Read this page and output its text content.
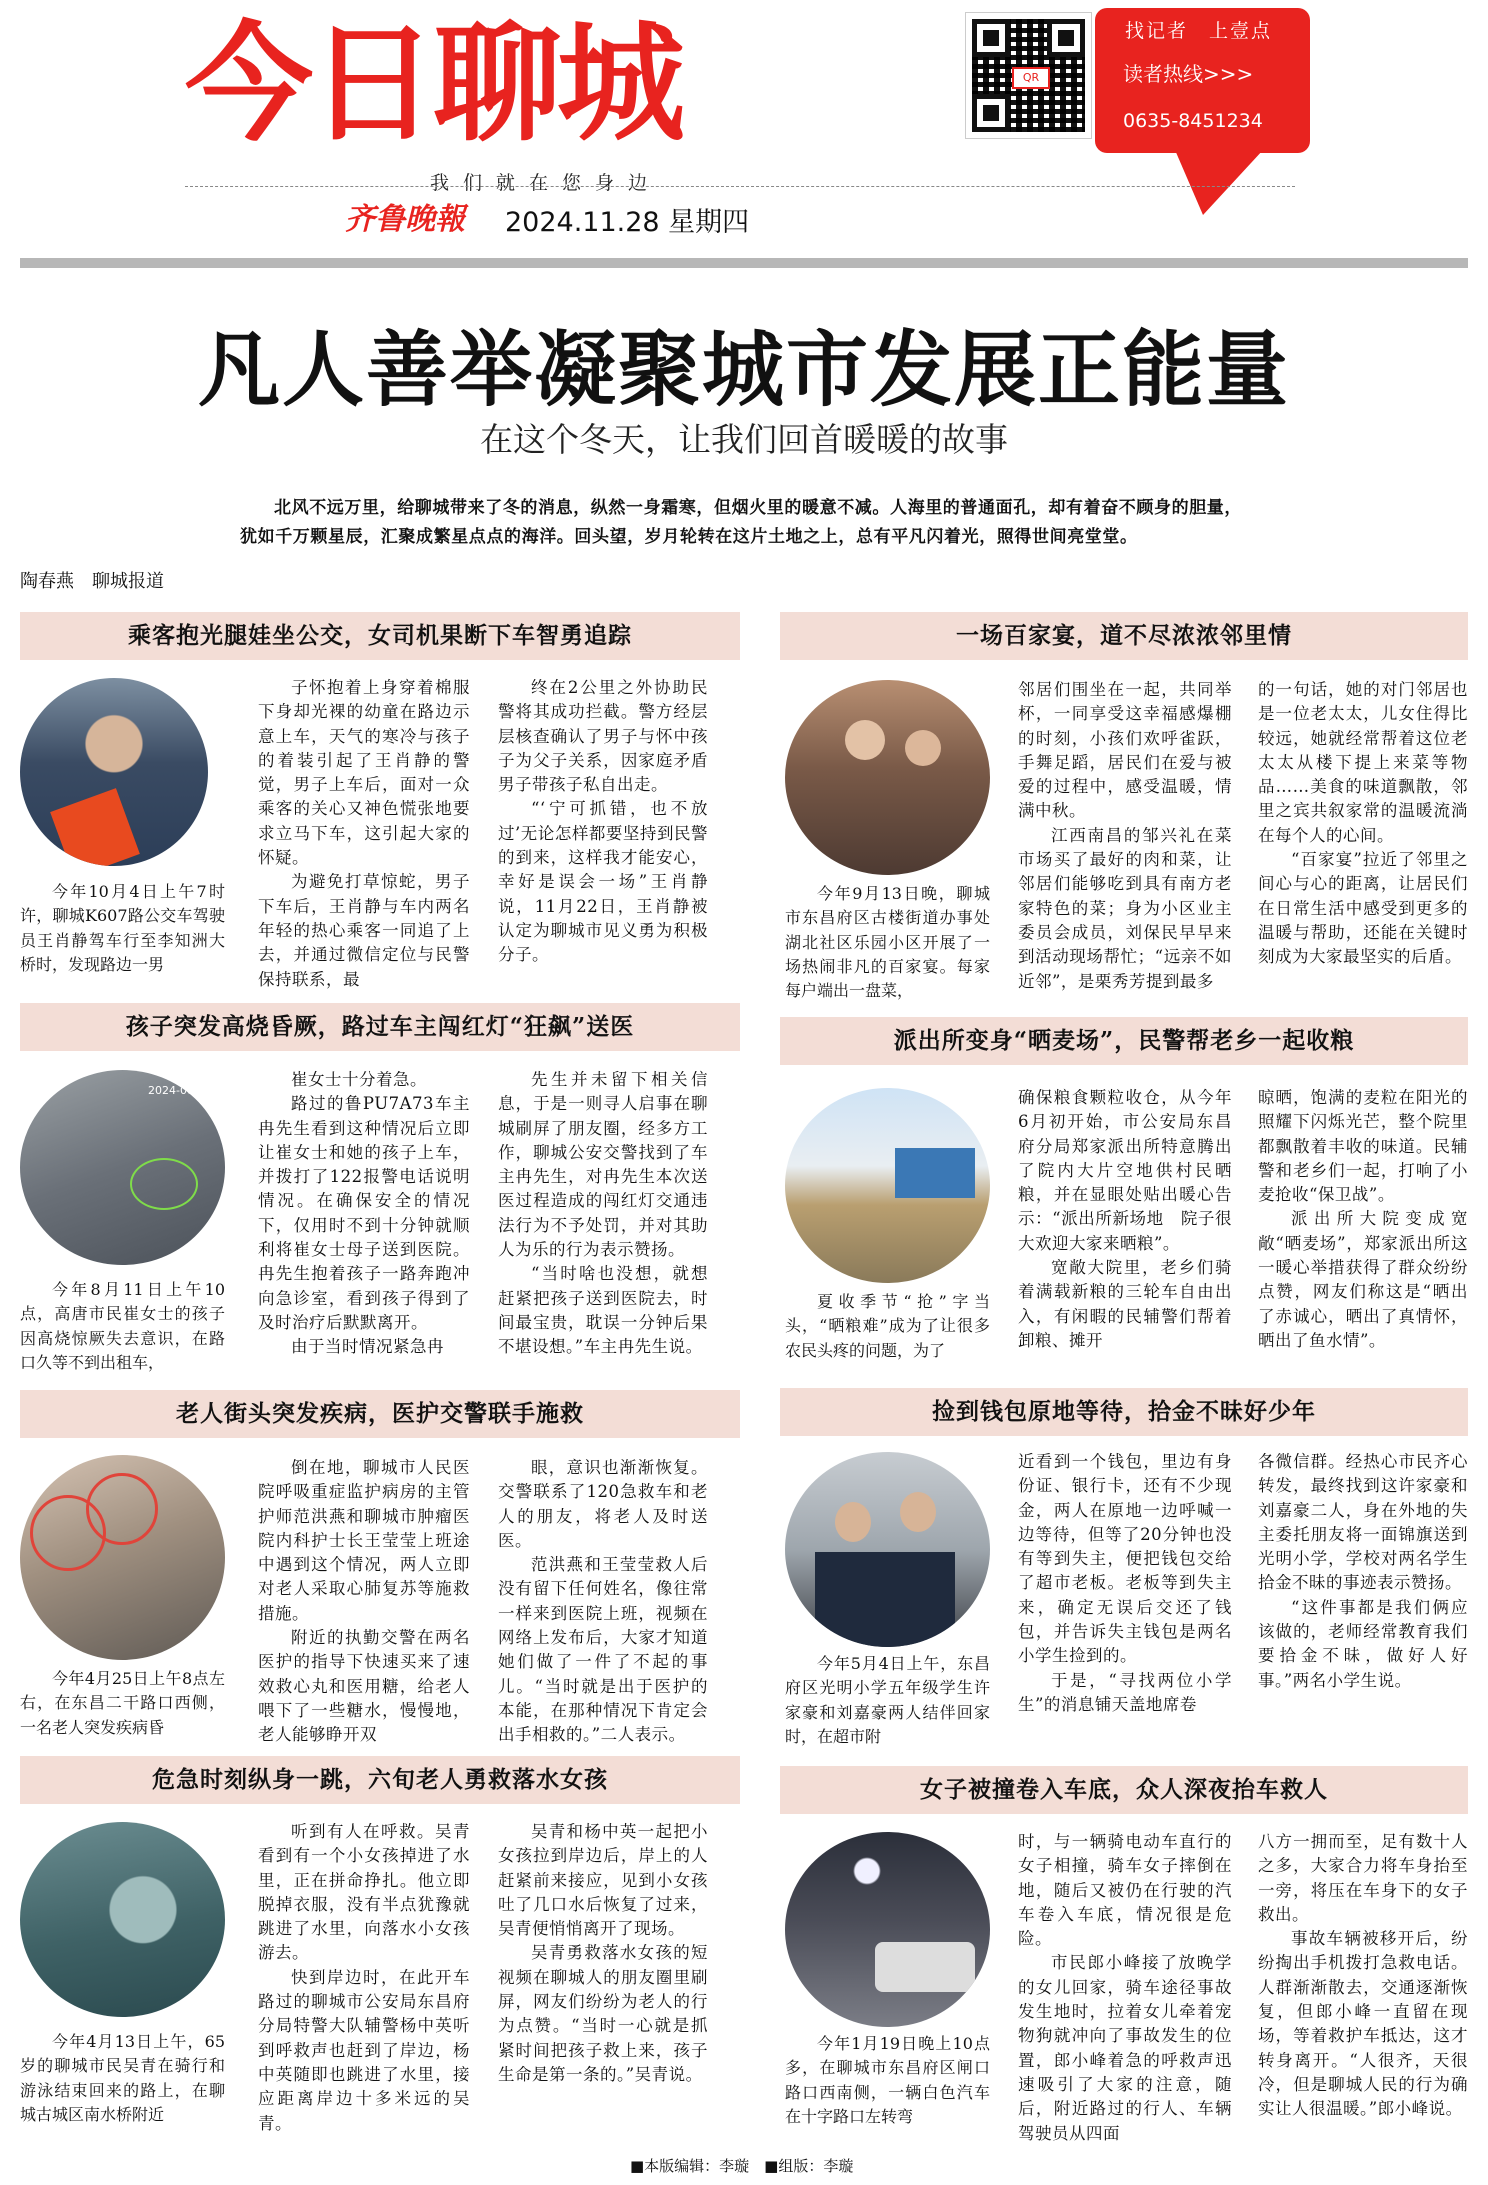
今日聊城	QR
找记者　上壹点
读者热线>>>
0635-8451234
我们就在您身边
齐鲁晚報 2024.11.28 星期四
凡人善举凝聚城市发展正能量
在这个冬天，让我们回首暖暖的故事
北风不远万里，给聊城带来了冬的消息，纵然一身霜寒，但烟火里的暖意不减。人海里的普通面孔，却有着奋不顾身的胆量，犹如千万颗星辰，汇聚成繁星点点的海洋。回头望，岁月轮转在这片土地之上，总有平凡闪着光，照得世间亮堂堂。
陶春燕　聊城报道
乘客抱光腿娃坐公交，女司机果断下车智勇追踪
今年10月4日上午7时许，聊城K607路公交车驾驶员王肖静驾车行至李知洲大桥时，发现路边一男

子怀抱着上身穿着棉服下身却光裸的幼童在路边示意上车，天气的寒冷与孩子的着装引起了王肖静的警觉，男子上车后，面对一众乘客的关心又神色慌张地要求立马下车，这引起大家的怀疑。

为避免打草惊蛇，男子下车后，王肖静与车内两名年轻的热心乘客一同追了上去，并通过微信定位与民警保持联系，最

终在2公里之外协助民警将其成功拦截。警方经层层核查确认了男子与怀中孩子为父子关系，因家庭矛盾男子带孩子私自出走。

“‘宁可抓错，也不放过’无论怎样都要坚持到民警的到来，这样我才能安心，幸好是误会一场”王肖静说，11月22日，王肖静被认定为聊城市见义勇为积极分子。

孩子突发高烧昏厥，路过车主闯红灯“狂飙”送医
2024-08
今年8月11日上午10点，高唐市民崔女士的孩子因高烧惊厥失去意识，在路口久等不到出租车，

崔女士十分着急。

路过的鲁PU7A73车主冉先生看到这种情况后立即让崔女士和她的孩子上车，并拨打了122报警电话说明情况。在确保安全的情况下，仅用时不到十分钟就顺利将崔女士母子送到医院。冉先生抱着孩子一路奔跑冲向急诊室，看到孩子得到了及时治疗后默默离开。

由于当时情况紧急冉

先生并未留下相关信息，于是一则寻人启事在聊城刷屏了朋友圈，经多方工作，聊城公安交警找到了车主冉先生，对冉先生本次送医过程造成的闯红灯交通违法行为不予处罚，并对其助人为乐的行为表示赞扬。

“当时啥也没想，就想赶紧把孩子送到医院去，时间最宝贵，耽误一分钟后果不堪设想。”车主冉先生说。

老人街头突发疾病，医护交警联手施救
今年4月25日上午8点左右，在东昌二干路口西侧，一名老人突发疾病昏

倒在地，聊城市人民医院呼吸重症监护病房的主管护师范洪燕和聊城市肿瘤医院内科护士长王莹莹上班途中遇到这个情况，两人立即对老人采取心肺复苏等施救措施。

附近的执勤交警在两名医护的指导下快速买来了速效救心丸和医用糖，给老人喂下了一些糖水，慢慢地，老人能够睁开双

眼，意识也渐渐恢复。交警联系了120急救车和老人的朋友，将老人及时送医。

范洪燕和王莹莹救人后没有留下任何姓名，像往常一样来到医院上班，视频在网络上发布后，大家才知道她们做了一件了不起的事儿。“当时就是出于医护的本能，在那种情况下肯定会出手相救的。”二人表示。

危急时刻纵身一跳，六旬老人勇救落水女孩
今年4月13日上午，65岁的聊城市民吴青在骑行和游泳结束回来的路上，在聊城古城区南水桥附近

听到有人在呼救。吴青看到有一个小女孩掉进了水里，正在拼命挣扎。他立即脱掉衣服，没有半点犹豫就跳进了水里，向落水小女孩游去。

快到岸边时，在此开车路过的聊城市公安局东昌府分局特警大队辅警杨中英听到呼救声也赶到了岸边，杨中英随即也跳进了水里，接应距离岸边十多米远的吴青。

吴青和杨中英一起把小女孩拉到岸边后，岸上的人赶紧前来接应，见到小女孩吐了几口水后恢复了过来，吴青便悄悄离开了现场。

吴青勇救落水女孩的短视频在聊城人的朋友圈里刷屏，网友们纷纷为老人的行为点赞。“当时一心就是抓紧时间把孩子救上来，孩子生命是第一条的。”吴青说。

一场百家宴，道不尽浓浓邻里情
今年9月13日晚，聊城市东昌府区古楼街道办事处湖北社区乐园小区开展了一场热闹非凡的百家宴。每家每户端出一盘菜，

邻居们围坐在一起，共同举杯，一同享受这幸福感爆棚的时刻，小孩们欢呼雀跃，手舞足蹈，居民们在爱与被爱的过程中，感受温暖，情满中秋。

江西南昌的邹兴礼在菜市场买了最好的肉和菜，让邻居们能够吃到具有南方老家特色的菜；身为小区业主委员会成员，刘保民早早来到活动现场帮忙；“远亲不如近邻”，是栗秀芳提到最多

的一句话，她的对门邻居也是一位老太太，儿女住得比较远，她就经常帮着这位老太太从楼下提上来菜等物品……美食的味道飘散，邻里之宾共叙家常的温暖流淌在每个人的心间。

“百家宴”拉近了邻里之间心与心的距离，让居民们在日常生活中感受到更多的温暖与帮助，还能在关键时刻成为大家最坚实的后盾。

派出所变身“晒麦场”，民警帮老乡一起收粮
夏收季节“抢”字当头，“晒粮难”成为了让很多农民头疼的问题，为了

确保粮食颗粒收仓，从今年6月初开始，市公安局东昌府分局郑家派出所特意腾出了院内大片空地供村民晒粮，并在显眼处贴出暖心告示：“派出所新场地　院子很大欢迎大家来晒粮”。

宽敞大院里，老乡们骑着满载新粮的三轮车自由出入，有闲暇的民辅警们帮着卸粮、摊开

晾晒，饱满的麦粒在阳光的照耀下闪烁光芒，整个院里都飘散着丰收的味道。民辅警和老乡们一起，打响了小麦抢收“保卫战”。

派出所大院变成宽敞“晒麦场”，郑家派出所这一暖心举措获得了群众纷纷点赞，网友们称这是“晒出了赤诚心，晒出了真情怀，晒出了鱼水情”。

捡到钱包原地等待，拾金不昧好少年
今年5月4日上午，东昌府区光明小学五年级学生许家豪和刘嘉豪两人结伴回家时，在超市附

近看到一个钱包，里边有身份证、银行卡，还有不少现金，两人在原地一边呼喊一边等待，但等了20分钟也没有等到失主，便把钱包交给了超市老板。老板等到失主来，确定无误后交还了钱包，并告诉失主钱包是两名小学生捡到的。

于是，“寻找两位小学生”的消息铺天盖地席卷

各微信群。经热心市民齐心转发，最终找到这许家豪和刘嘉豪二人，身在外地的失主委托朋友将一面锦旗送到光明小学，学校对两名学生拾金不昧的事迹表示赞扬。

“这件事都是我们俩应该做的，老师经常教育我们要拾金不昧，做好人好事。”两名小学生说。

女子被撞卷入车底，众人深夜抬车救人
今年1月19日晚上10点多，在聊城市东昌府区闸口路口西南侧，一辆白色汽车在十字路口左转弯

时，与一辆骑电动车直行的女子相撞，骑车女子摔倒在地，随后又被仍在行驶的汽车卷入车底，情况很是危险。

市民郎小峰接了放晚学的女儿回家，骑车途径事故发生地时，拉着女儿牵着宠物狗就冲向了事故发生的位置，郎小峰着急的呼救声迅速吸引了大家的注意，随后，附近路过的行人、车辆驾驶员从四面

八方一拥而至，足有数十人之多，大家合力将车身抬至一旁，将压在车身下的女子救出。

事故车辆被移开后，纷纷掏出手机拨打急救电话。人群渐渐散去，交通逐渐恢复，但郎小峰一直留在现场，等着救护车抵达，这才转身离开。“人很齐，天很冷，但是聊城人民的行为确实让人很温暖。”郎小峰说。

■本版编辑：李璇　■组版：李璇
